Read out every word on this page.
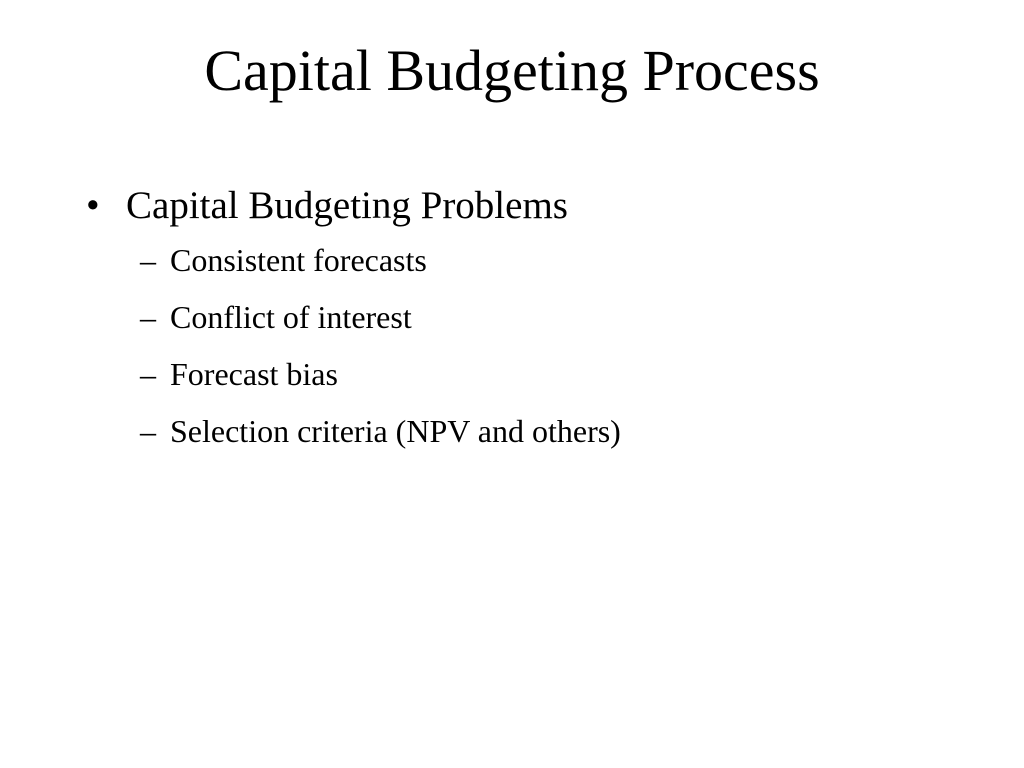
Capital Budgeting Process
• Capital Budgeting Problems
– Consistent forecasts
– Conflict of interest
– Forecast bias
– Selection criteria (NPV and others)
